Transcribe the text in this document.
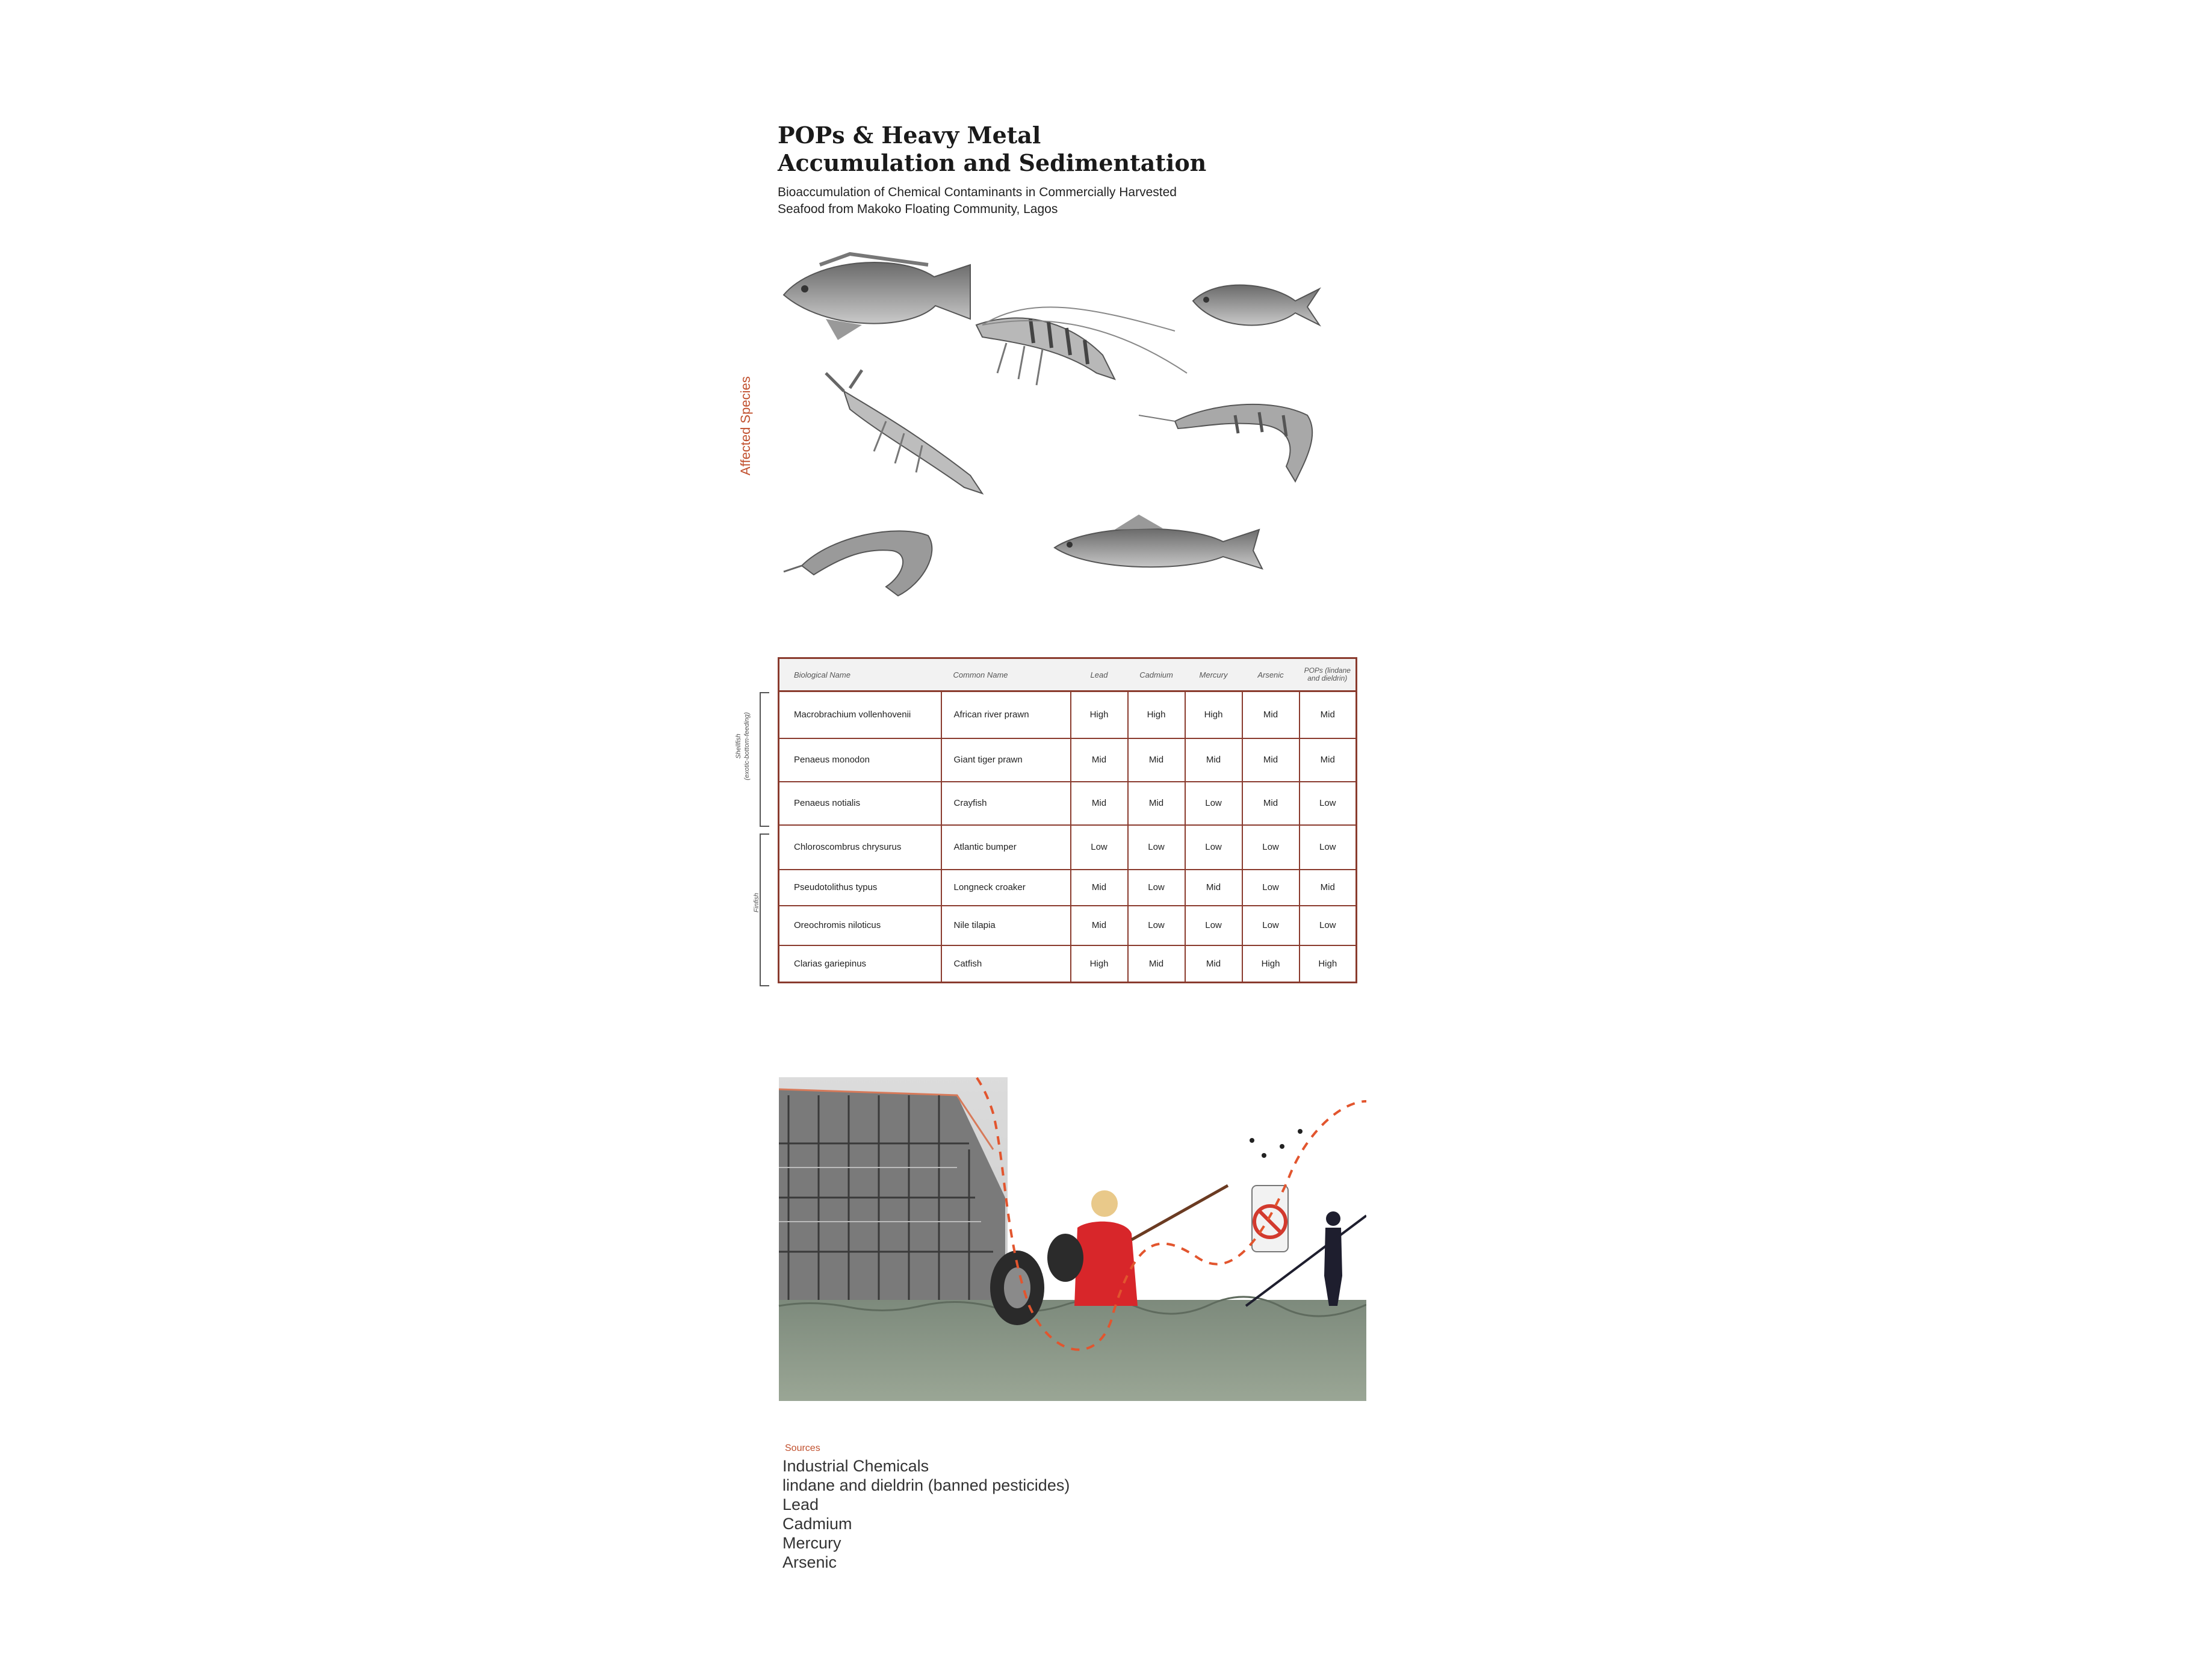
POPs & Heavy Metal
Accumulation and Sedimentation
Bioaccumulation of Chemical Contaminants in Commercially Harvested
Seafood from Makoko Floating Community, Lagos
Affected Species
Shellfish (exotic-bottom-feeding)
Finfish
Biological Name	Common Name	Lead	Cadmium	Mercury	Arsenic	POPs (lindane and dieldrin)
Macrobrachium vollenhovenii	African river prawn	High	High	High	Mid	Mid
Penaeus monodon	Giant tiger prawn	Mid	Mid	Mid	Mid	Mid
Penaeus notialis	Crayfish	Mid	Mid	Low	Mid	Low
Chloroscombrus chrysurus	Atlantic bumper	Low	Low	Low	Low	Low
Pseudotolithus typus	Longneck croaker	Mid	Low	Mid	Low	Mid
Oreochromis niloticus	Nile tilapia	Mid	Low	Low	Low	Low
Clarias gariepinus	Catfish	High	Mid	Mid	High	High
Sources
Industrial Chemicals
lindane and dieldrin (banned pesticides)
Lead
Cadmium
Mercury
Arsenic
